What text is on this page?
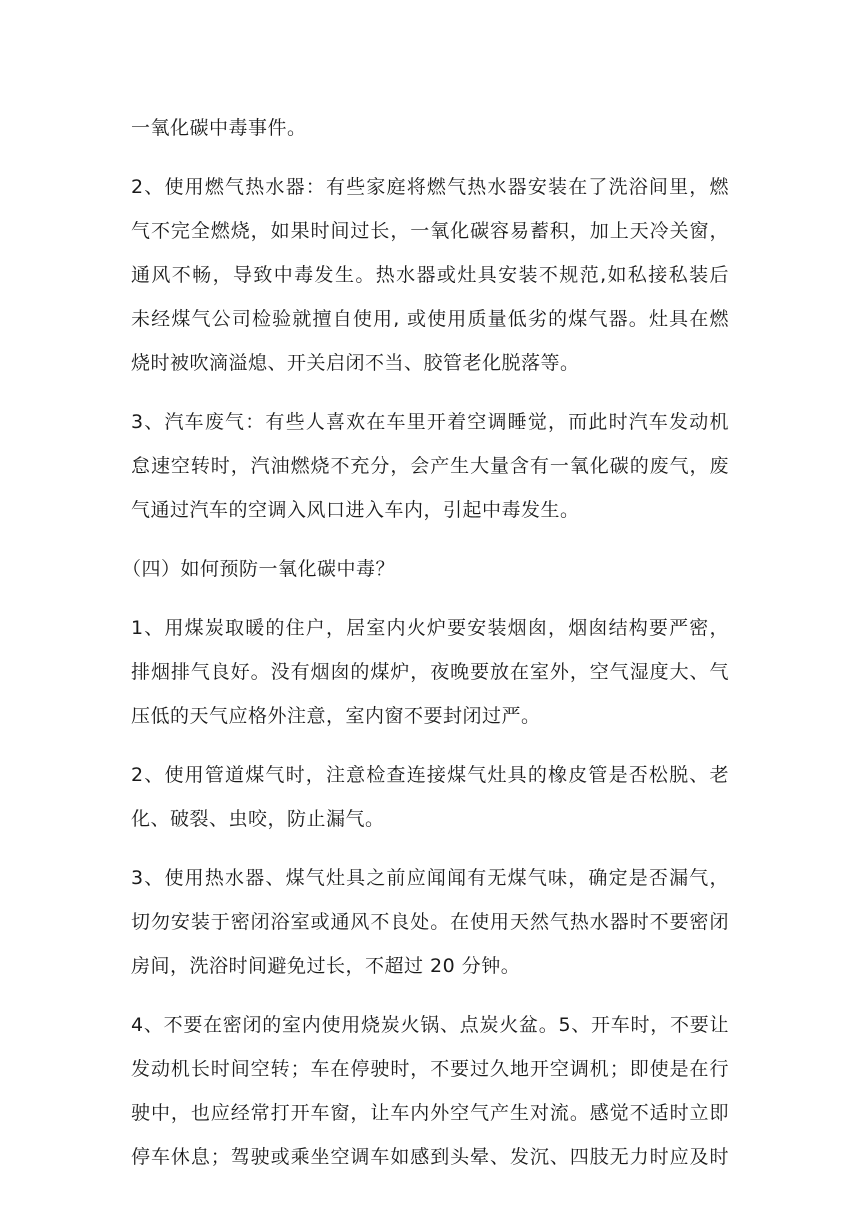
一氧化碳中毒事件。
2、使用燃气热水器：有些家庭将燃气热水器安装在了洗浴间里，燃
气不完全燃烧，如果时间过长，一氧化碳容易蓄积，加上天冷关窗，
通风不畅，导致中毒发生。热水器或灶具安装不规范,如私接私装后
未经煤气公司检验就擅自使用, 或使用质量低劣的煤气器。灶具在燃
烧时被吹滴溢熄、开关启闭不当、胶管老化脱落等。
3、汽车废气：有些人喜欢在车里开着空调睡觉，而此时汽车发动机
怠速空转时，汽油燃烧不充分，会产生大量含有一氧化碳的废气，废
气通过汽车的空调入风口进入车内，引起中毒发生。
（四）如何预防一氧化碳中毒？
1、用煤炭取暖的住户，居室内火炉要安装烟囱，烟囱结构要严密，
排烟排气良好。没有烟囱的煤炉，夜晚要放在室外，空气湿度大、气
压低的天气应格外注意，室内窗不要封闭过严。
2、使用管道煤气时，注意检查连接煤气灶具的橡皮管是否松脱、老
化、破裂、虫咬，防止漏气。
3、使用热水器、煤气灶具之前应闻闻有无煤气味，确定是否漏气，
切勿安装于密闭浴室或通风不良处。在使用天然气热水器时不要密闭
房间，洗浴时间避免过长，不超过 20 分钟。
4、不要在密闭的室内使用烧炭火锅、点炭火盆。5、开车时，不要让
发动机长时间空转；车在停驶时，不要过久地开空调机；即使是在行
驶中，也应经常打开车窗，让车内外空气产生对流。感觉不适时立即
停车休息；驾驶或乘坐空调车如感到头晕、发沉、四肢无力时应及时
